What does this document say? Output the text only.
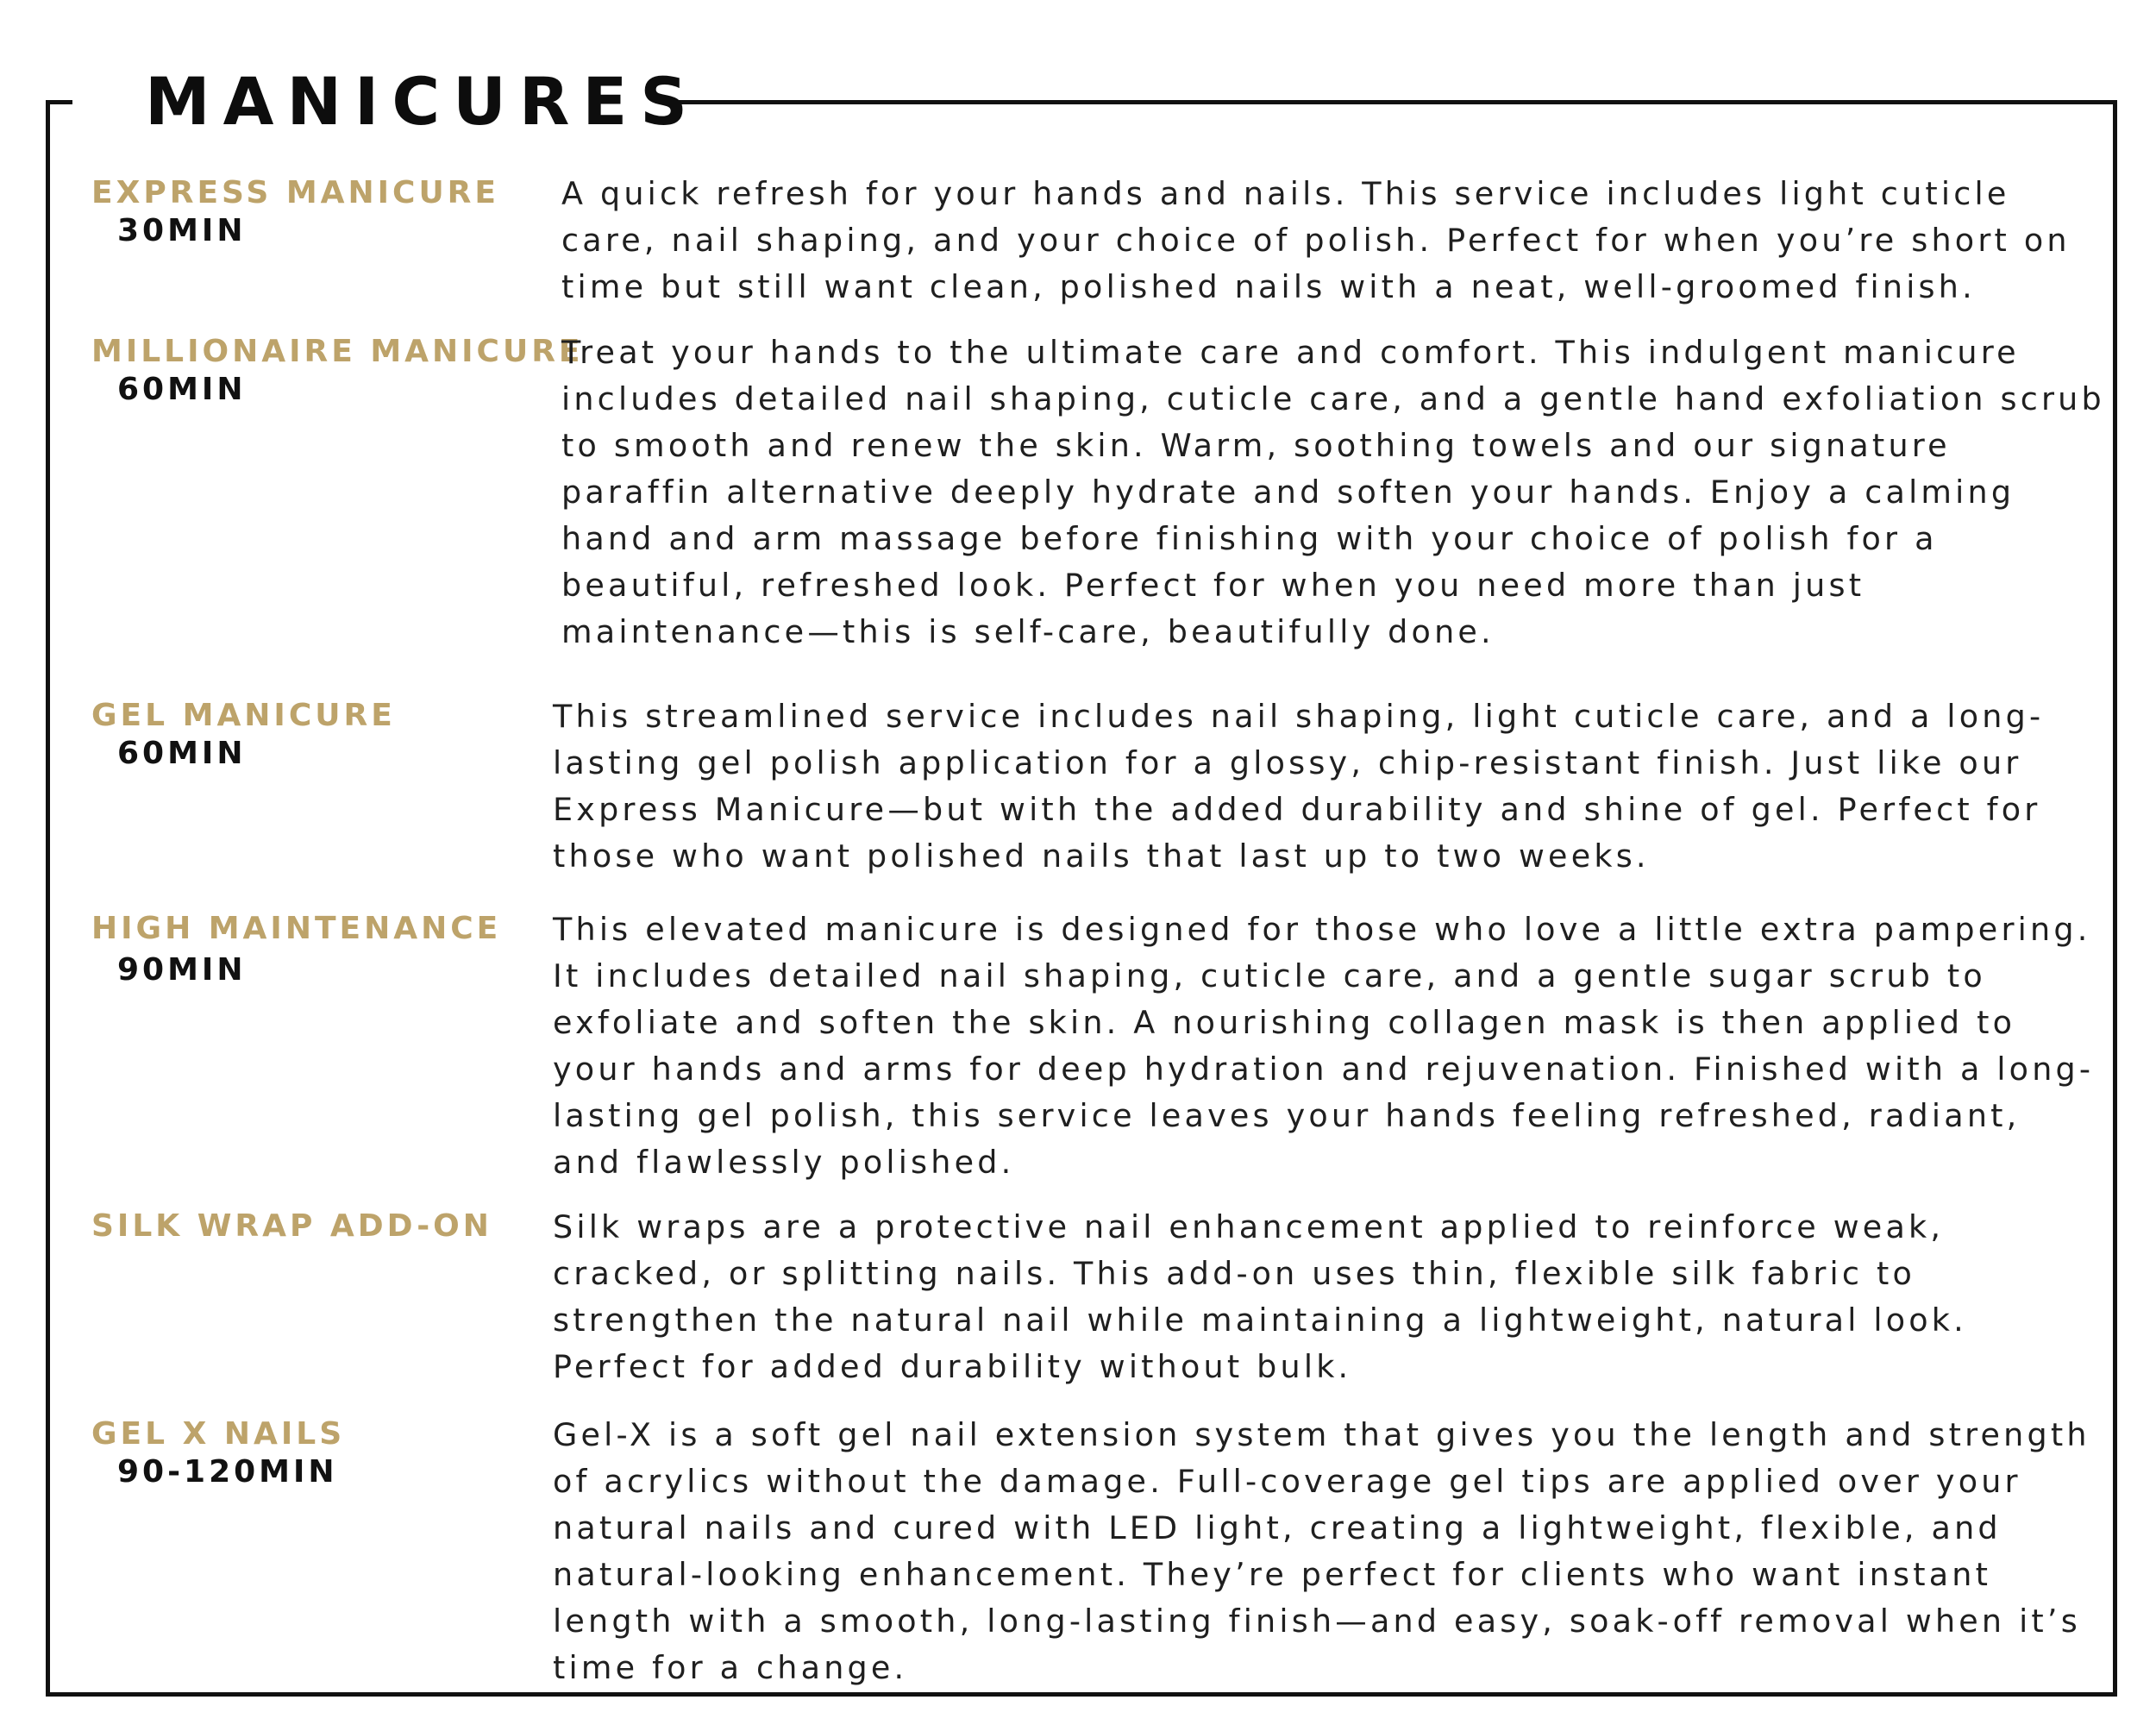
MANICURES
EXPRESS MANICURE
30MIN

A quick refresh for your hands and nails. This service includes light cuticle care, nail shaping, and your choice of polish. Perfect for when you’re short on time but still want clean, polished nails with a neat, well-groomed finish.

MILLIONAIRE MANICURE
60MIN

Treat your hands to the ultimate care and comfort. This indulgent manicure includes detailed nail shaping, cuticle care, and a gentle hand exfoliation scrub to smooth and renew the skin. Warm, soothing towels and our signature paraffin alternative deeply hydrate and soften your hands. Enjoy a calming hand and arm massage before finishing with your choice of polish for a beautiful, refreshed look. Perfect for when you need more than just maintenance—this is self-care, beautifully done.

GEL MANICURE
60MIN

This streamlined service includes nail shaping, light cuticle care, and a long-lasting gel polish application for a glossy, chip-resistant finish. Just like our Express Manicure—but with the added durability and shine of gel. Perfect for those who want polished nails that last up to two weeks.

HIGH MAINTENANCE
90MIN

This elevated manicure is designed for those who love a little extra pampering. It includes detailed nail shaping, cuticle care, and a gentle sugar scrub to exfoliate and soften the skin. A nourishing collagen mask is then applied to your hands and arms for deep hydration and rejuvenation. Finished with a long-lasting gel polish, this service leaves your hands feeling refreshed, radiant, and flawlessly polished.

SILK WRAP ADD-ON Silk wraps are a protective nail enhancement applied to reinforce weak, cracked, or splitting nails. This add-on uses thin, flexible silk fabric to strengthen the natural nail while maintaining a lightweight, natural look. Perfect for added durability without bulk.

GEL X NAILS
90-120MIN

Gel-X is a soft gel nail extension system that gives you the length and strength of acrylics without the damage. Full-coverage gel tips are applied over your natural nails and cured with LED light, creating a lightweight, flexible, and natural-looking enhancement. They’re perfect for clients who want instant length with a smooth, long-lasting finish—and easy, soak-off removal when it’s time for a change.
